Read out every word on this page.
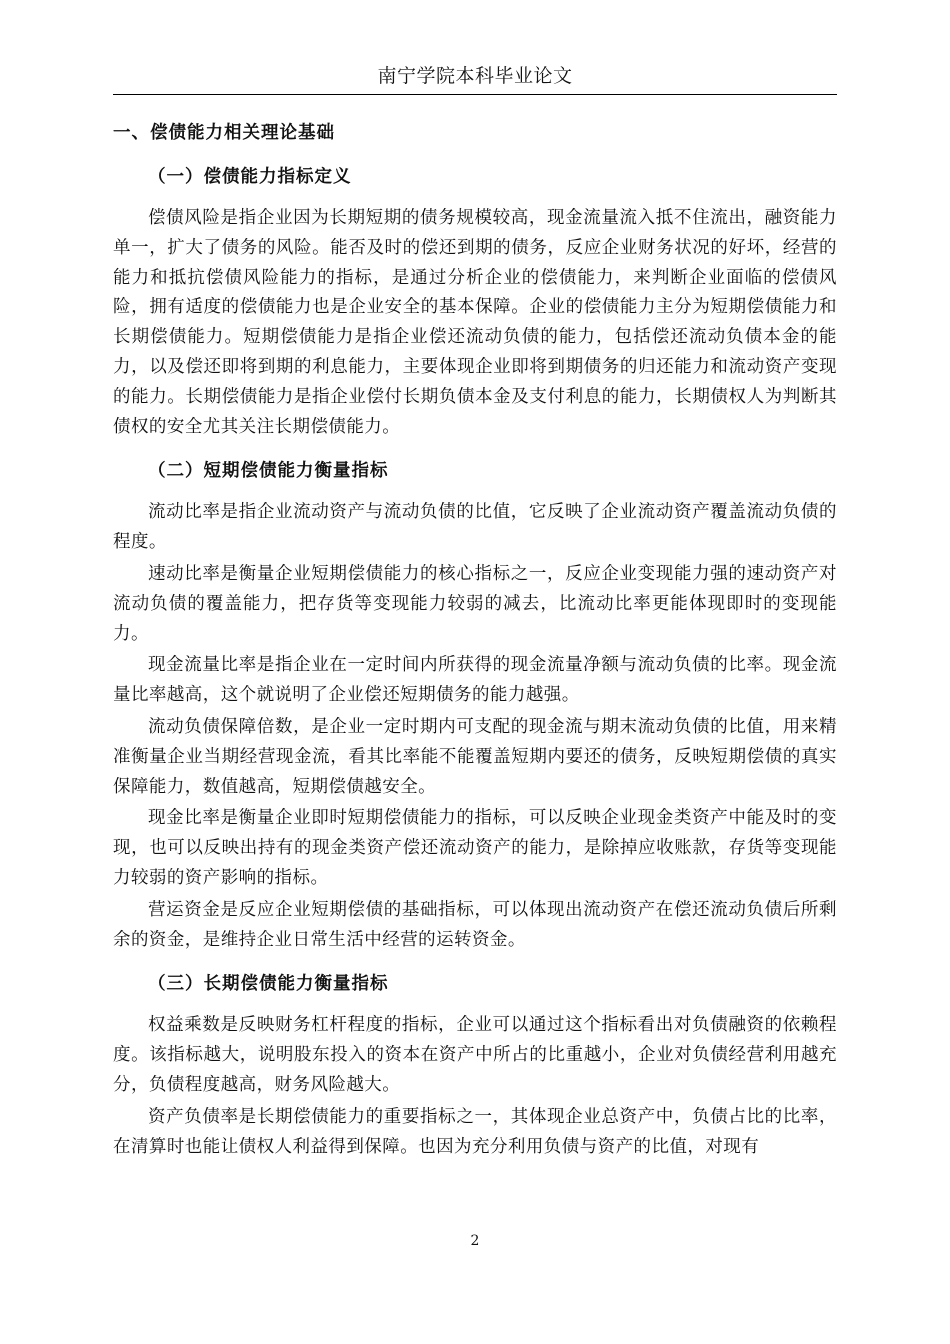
南宁学院本科毕业论文
一、偿债能力相关理论基础
（一）偿债能力指标定义

偿债风险是指企业因为长期短期的债务规模较高，现金流量流入抵不住流出，融资能力单一，扩大了债务的风险。能否及时的偿还到期的债务，反应企业财务状况的好坏，经营的能力和抵抗偿债风险能力的指标，是通过分析企业的偿债能力，来判断企业面临的偿债风险，拥有适度的偿债能力也是企业安全的基本保障。企业的偿债能力主分为短期偿债能力和长期偿债能力。短期偿债能力是指企业偿还流动负债的能力，包括偿还流动负债本金的能力，以及偿还即将到期的利息能力，主要体现企业即将到期债务的归还能力和流动资产变现的能力。长期偿债能力是指企业偿付长期负债本金及支付利息的能力，长期债权人为判断其债权的安全尤其关注长期偿债能力。

（二）短期偿债能力衡量指标

流动比率是指企业流动资产与流动负债的比值，它反映了企业流动资产覆盖流动负债的程度。

速动比率是衡量企业短期偿债能力的核心指标之一，反应企业变现能力强的速动资产对流动负债的覆盖能力，把存货等变现能力较弱的减去，比流动比率更能体现即时的变现能力。

现金流量比率是指企业在一定时间内所获得的现金流量净额与流动负债的比率。现金流量比率越高，这个就说明了企业偿还短期债务的能力越强。

流动负债保障倍数，是企业一定时期内可支配的现金流与期末流动负债的比值，用来精准衡量企业当期经营现金流，看其比率能不能覆盖短期内要还的债务，反映短期偿债的真实保障能力，数值越高，短期偿债越安全。

现金比率是衡量企业即时短期偿债能力的指标，可以反映企业现金类资产中能及时的变现，也可以反映出持有的现金类资产偿还流动资产的能力，是除掉应收账款，存货等变现能力较弱的资产影响的指标。

营运资金是反应企业短期偿债的基础指标，可以体现出流动资产在偿还流动负债后所剩余的资金，是维持企业日常生活中经营的运转资金。

（三）长期偿债能力衡量指标

权益乘数是反映财务杠杆程度的指标，企业可以通过这个指标看出对负债融资的依赖程度。该指标越大，说明股东投入的资本在资产中所占的比重越小，企业对负债经营利用越充分，负债程度越高，财务风险越大。

资产负债率是长期偿债能力的重要指标之一，其体现企业总资产中，负债占比的比率，在清算时也能让债权人利益得到保障。也因为充分利用负债与资产的比值，对现有

2
